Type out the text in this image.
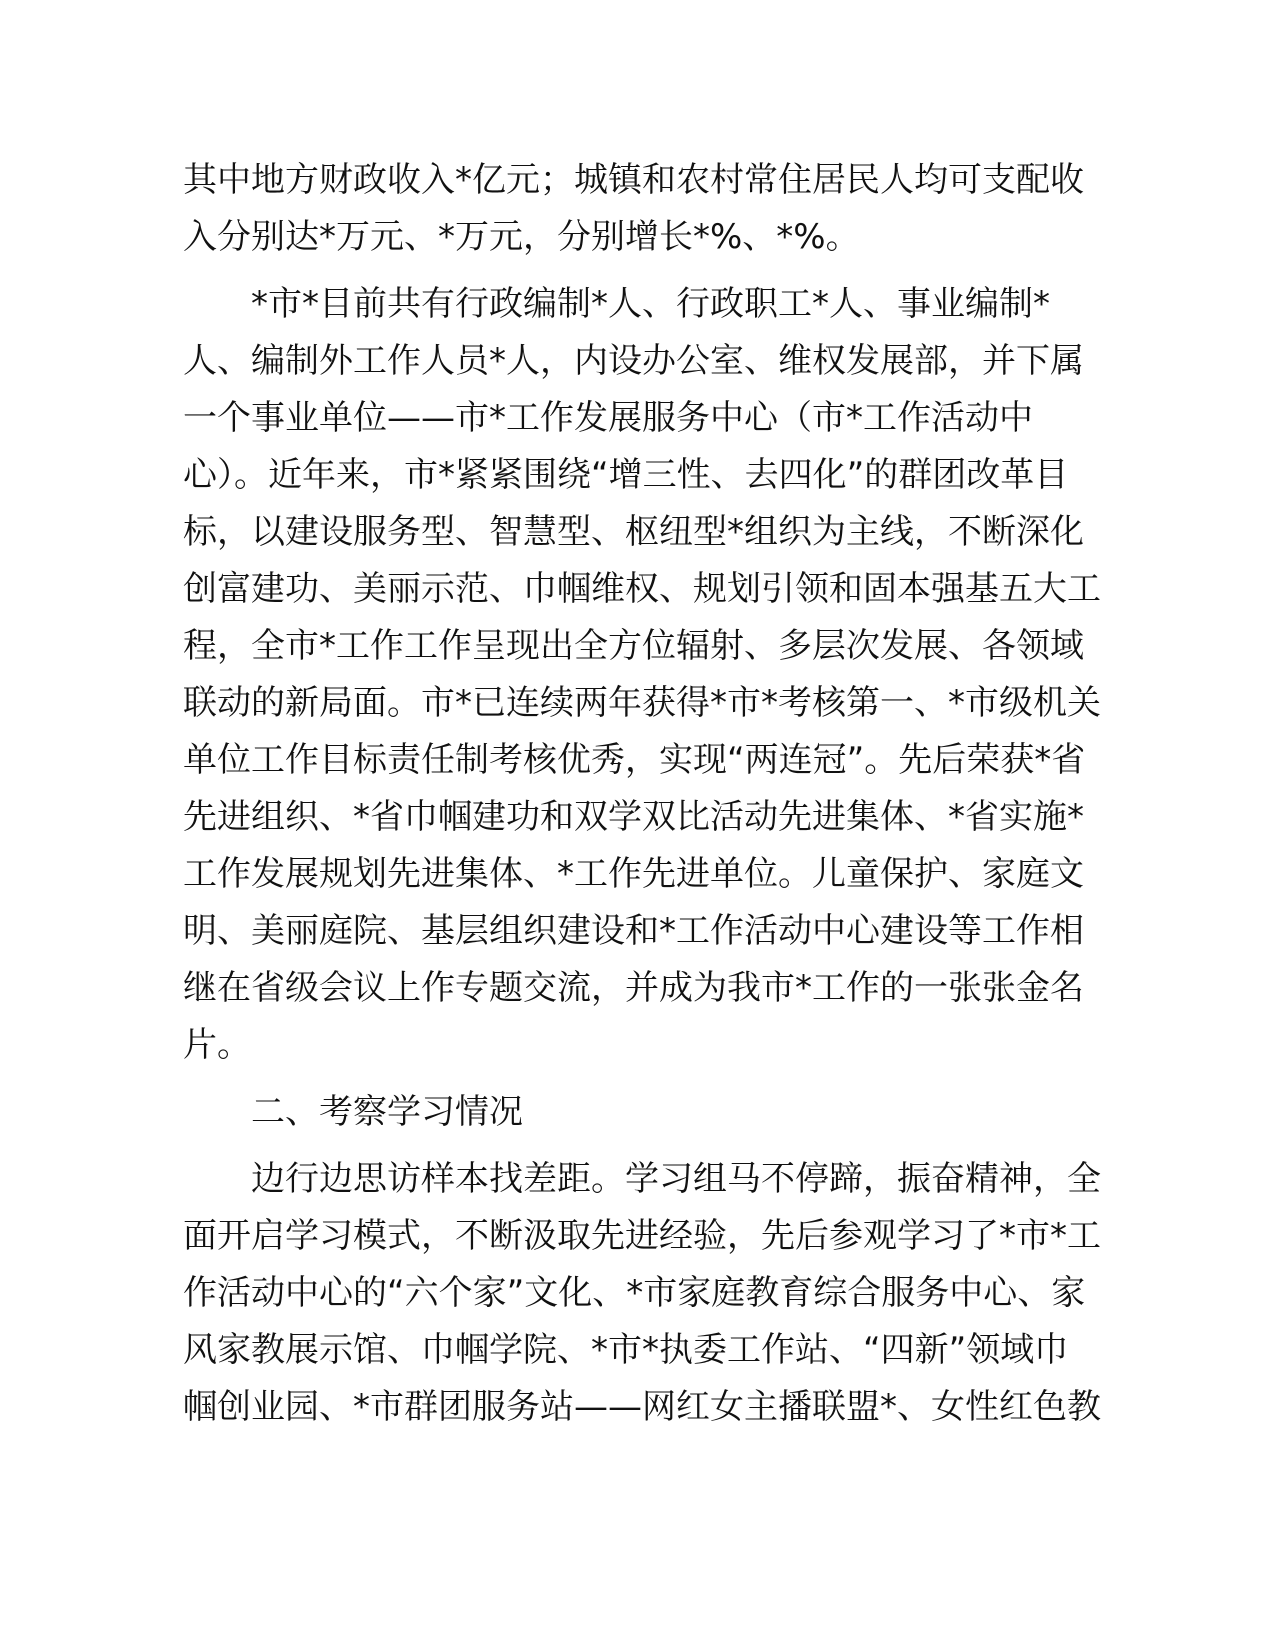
其中地方财政收入*亿元；城镇和农村常住居民人均可支配收
入分别达*万元、*万元，分别增长*%、*%。
*市*目前共有行政编制*人、行政职工*人、事业编制*
人、编制外工作人员*人，内设办公室、维权发展部，并下属
一个事业单位——市*工作发展服务中心（市*工作活动中
心）。近年来，市*紧紧围绕“增三性、去四化”的群团改革目
标，以建设服务型、智慧型、枢纽型*组织为主线，不断深化
创富建功、美丽示范、巾帼维权、规划引领和固本强基五大工
程，全市*工作工作呈现出全方位辐射、多层次发展、各领域
联动的新局面。市*已连续两年获得*市*考核第一、*市级机关
单位工作目标责任制考核优秀，实现“两连冠”。先后荣获*省
先进组织、*省巾帼建功和双学双比活动先进集体、*省实施*
工作发展规划先进集体、*工作先进单位。儿童保护、家庭文
明、美丽庭院、基层组织建设和*工作活动中心建设等工作相
继在省级会议上作专题交流，并成为我市*工作的一张张金名
片。
二、考察学习情况
边行边思访样本找差距。学习组马不停蹄，振奋精神，全
面开启学习模式，不断汲取先进经验，先后参观学习了*市*工
作活动中心的“六个家”文化、*市家庭教育综合服务中心、家
风家教展示馆、巾帼学院、*市*执委工作站、“四新”领域巾
帼创业园、*市群团服务站——网红女主播联盟*、女性红色教
